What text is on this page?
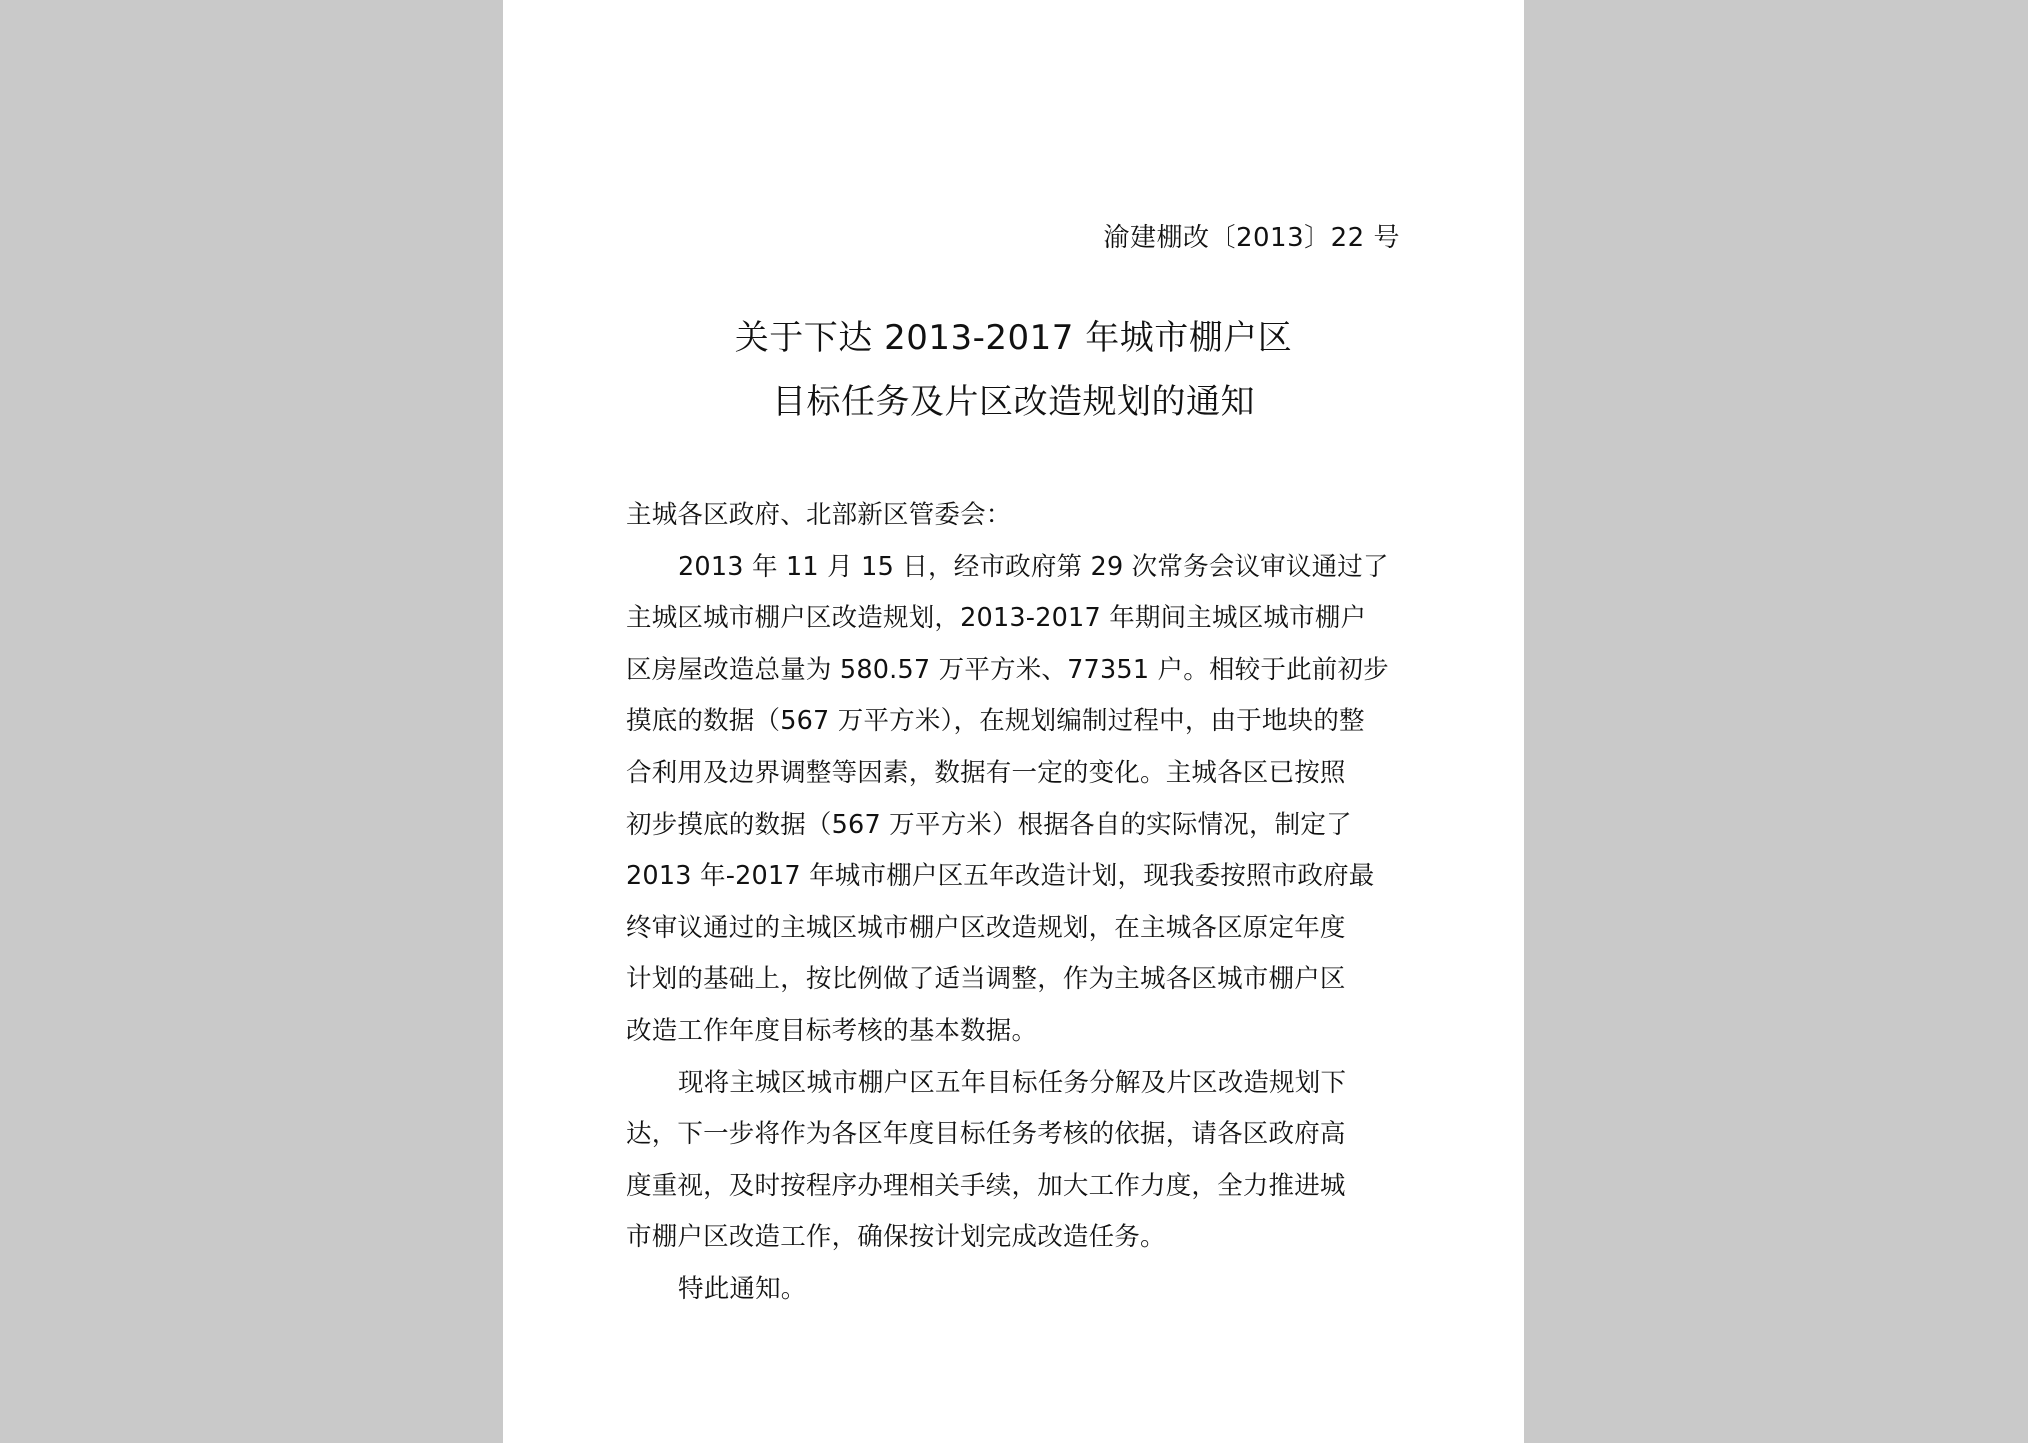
渝建棚改〔2013〕22 号
关于下达 2013-2017 年城市棚户区
目标任务及片区改造规划的通知
主城各区政府、北部新区管委会：
2013 年 11 月 15 日，经市政府第 29 次常务会议审议通过了
主城区城市棚户区改造规划，2013-2017 年期间主城区城市棚户
区房屋改造总量为 580.57 万平方米、77351 户。相较于此前初步
摸底的数据（567 万平方米），在规划编制过程中，由于地块的整
合利用及边界调整等因素，数据有一定的变化。主城各区已按照
初步摸底的数据（567 万平方米）根据各自的实际情况，制定了
2013 年-2017 年城市棚户区五年改造计划，现我委按照市政府最
终审议通过的主城区城市棚户区改造规划，在主城各区原定年度
计划的基础上，按比例做了适当调整，作为主城各区城市棚户区
改造工作年度目标考核的基本数据。
现将主城区城市棚户区五年目标任务分解及片区改造规划下
达，下一步将作为各区年度目标任务考核的依据，请各区政府高
度重视，及时按程序办理相关手续，加大工作力度，全力推进城
市棚户区改造工作，确保按计划完成改造任务。
特此通知。
